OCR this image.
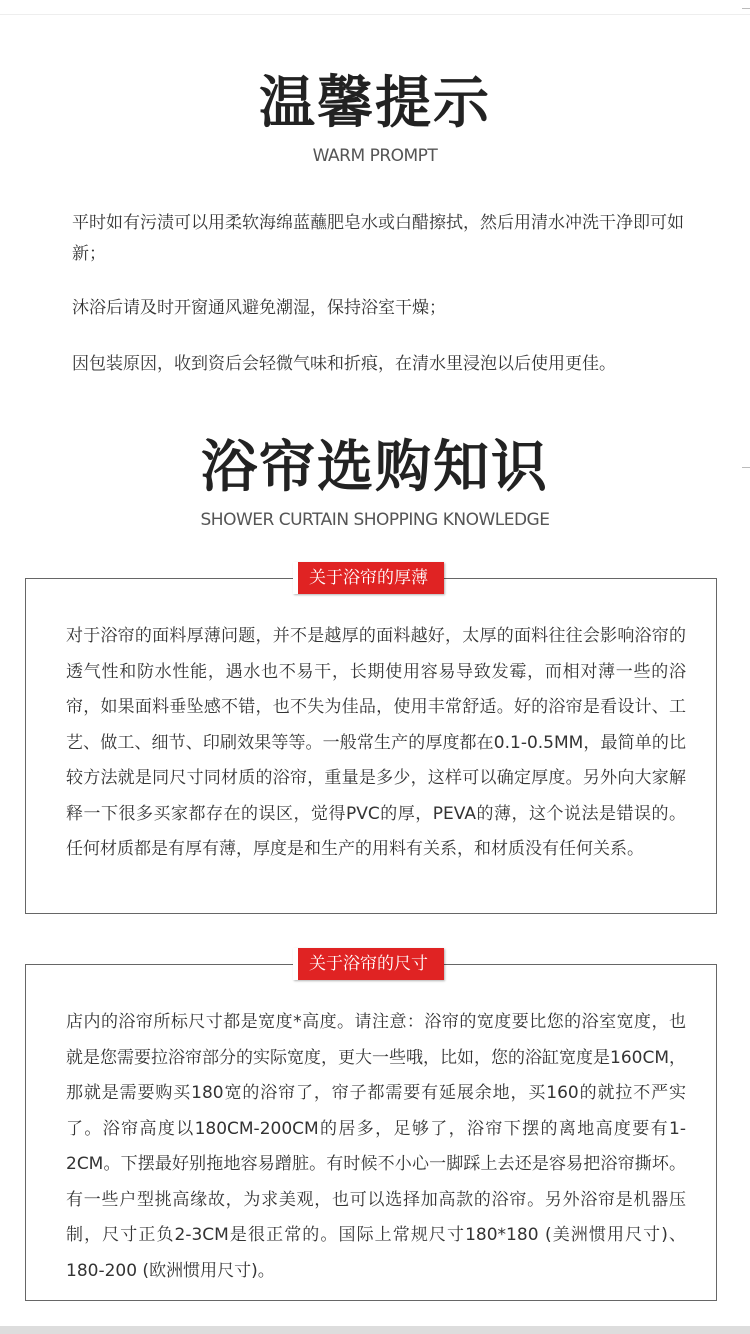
温馨提示

WARM PROMPT

平时如有污渍可以用柔软海绵蓝蘸肥皂水或白醋擦拭，然后用清水冲洗干净即可如新；

沐浴后请及时开窗通风避免潮湿，保持浴室干燥；

因包装原因，收到资后会轻微气味和折痕，在清水里浸泡以后使用更佳。

浴帘选购知识

SHOWER CURTAIN SHOPPING KNOWLEDGE

对于浴帘的面料厚薄问题，并不是越厚的面料越好，太厚的面料往往会影响浴帘的透气性和防水性能，遇水也不易干，长期使用容易导致发霉，而相对薄一些的浴帘，如果面料垂坠感不错，也不失为佳品，使用丰常舒适。好的浴帘是看设计、工艺、做工、细节、印刷效果等等。一般常生产的厚度都在0.1-0.5MM，最简单的比较方法就是同尺寸同材质的浴帘，重量是多少，这样可以确定厚度。另外向大家解释一下很多买家都存在的误区，觉得PVC的厚，PEVA的薄，这个说法是错误的。任何材质都是有厚有薄，厚度是和生产的用料有关系，和材质没有任何关系。

关于浴帘的厚薄

店内的浴帘所标尺寸都是宽度*高度。请注意：浴帘的宽度要比您的浴室宽度，也就是您需要拉浴帘部分的实际宽度，更大一些哦，比如，您的浴缸宽度是160CM，那就是需要购买180宽的浴帘了，帘子都需要有延展余地，买160的就拉不严实了。浴帘高度以180CM-200CM的居多，足够了，浴帘下摆的离地高度要有1-2CM。下摆最好别拖地容易蹭脏。有时候不小心一脚踩上去还是容易把浴帘撕坏。有一些户型挑高缘故，为求美观，也可以选择加高款的浴帘。另外浴帘是机器压制，尺寸正负2-3CM是很正常的。国际上常规尺寸180*180 (美洲惯用尺寸)、180-200 (欧洲惯用尺寸)。

关于浴帘的尺寸
